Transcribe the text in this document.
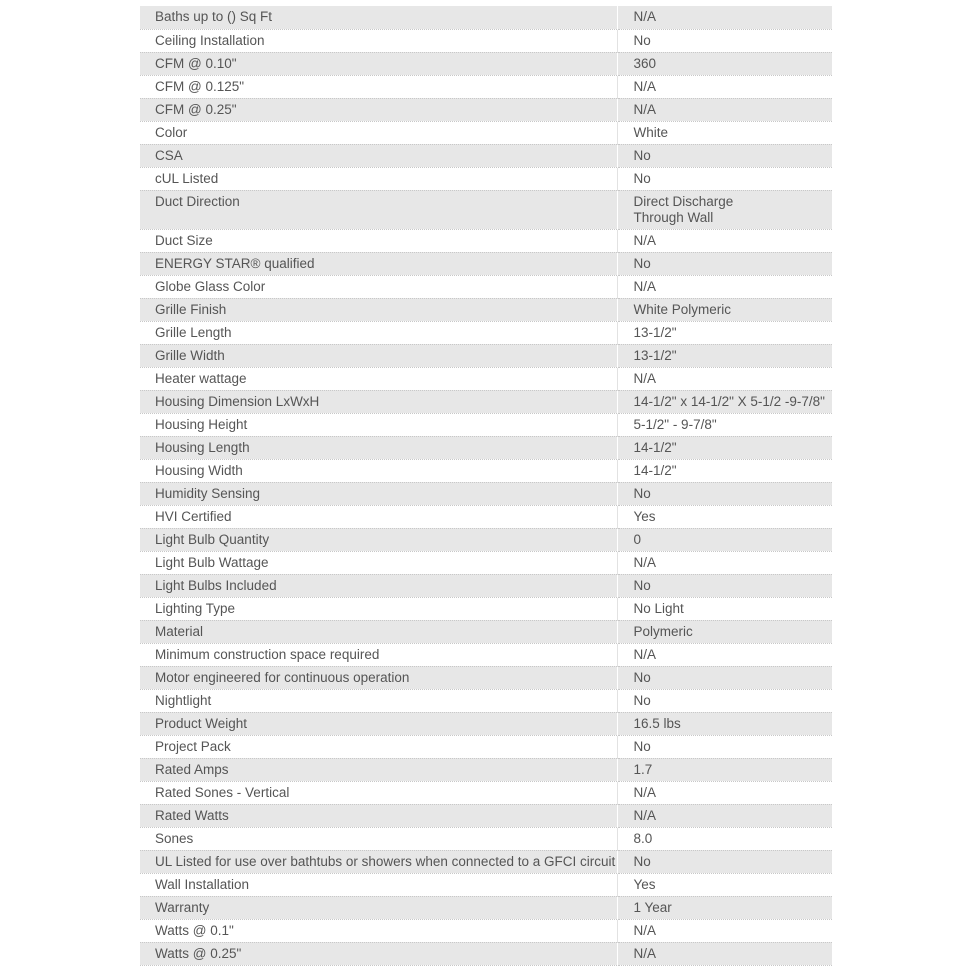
Baths up to () Sq Ft	N/A
Ceiling Installation	No
CFM @ 0.10"	360
CFM @ 0.125"	N/A
CFM @ 0.25"	N/A
Color	White
CSA	No
cUL Listed	No
Duct Direction	Direct Discharge
Through Wall
Duct Size	N/A
ENERGY STAR® qualified	No
Globe Glass Color	N/A
Grille Finish	White Polymeric
Grille Length	13-1/2"
Grille Width	13-1/2"
Heater wattage	N/A
Housing Dimension LxWxH	14-1/2" x 14-1/2" X 5-1/2 -9-7/8"
Housing Height	5-1/2" - 9-7/8"
Housing Length	14-1/2"
Housing Width	14-1/2"
Humidity Sensing	No
HVI Certified	Yes
Light Bulb Quantity	0
Light Bulb Wattage	N/A
Light Bulbs Included	No
Lighting Type	No Light
Material	Polymeric
Minimum construction space required	N/A
Motor engineered for continuous operation	No
Nightlight	No
Product Weight	16.5 lbs
Project Pack	No
Rated Amps	1.7
Rated Sones - Vertical	N/A
Rated Watts	N/A
Sones	8.0
UL Listed for use over bathtubs or showers when connected to a GFCI circuit	No
Wall Installation	Yes
Warranty	1 Year
Watts @ 0.1"	N/A
Watts @ 0.25"	N/A
